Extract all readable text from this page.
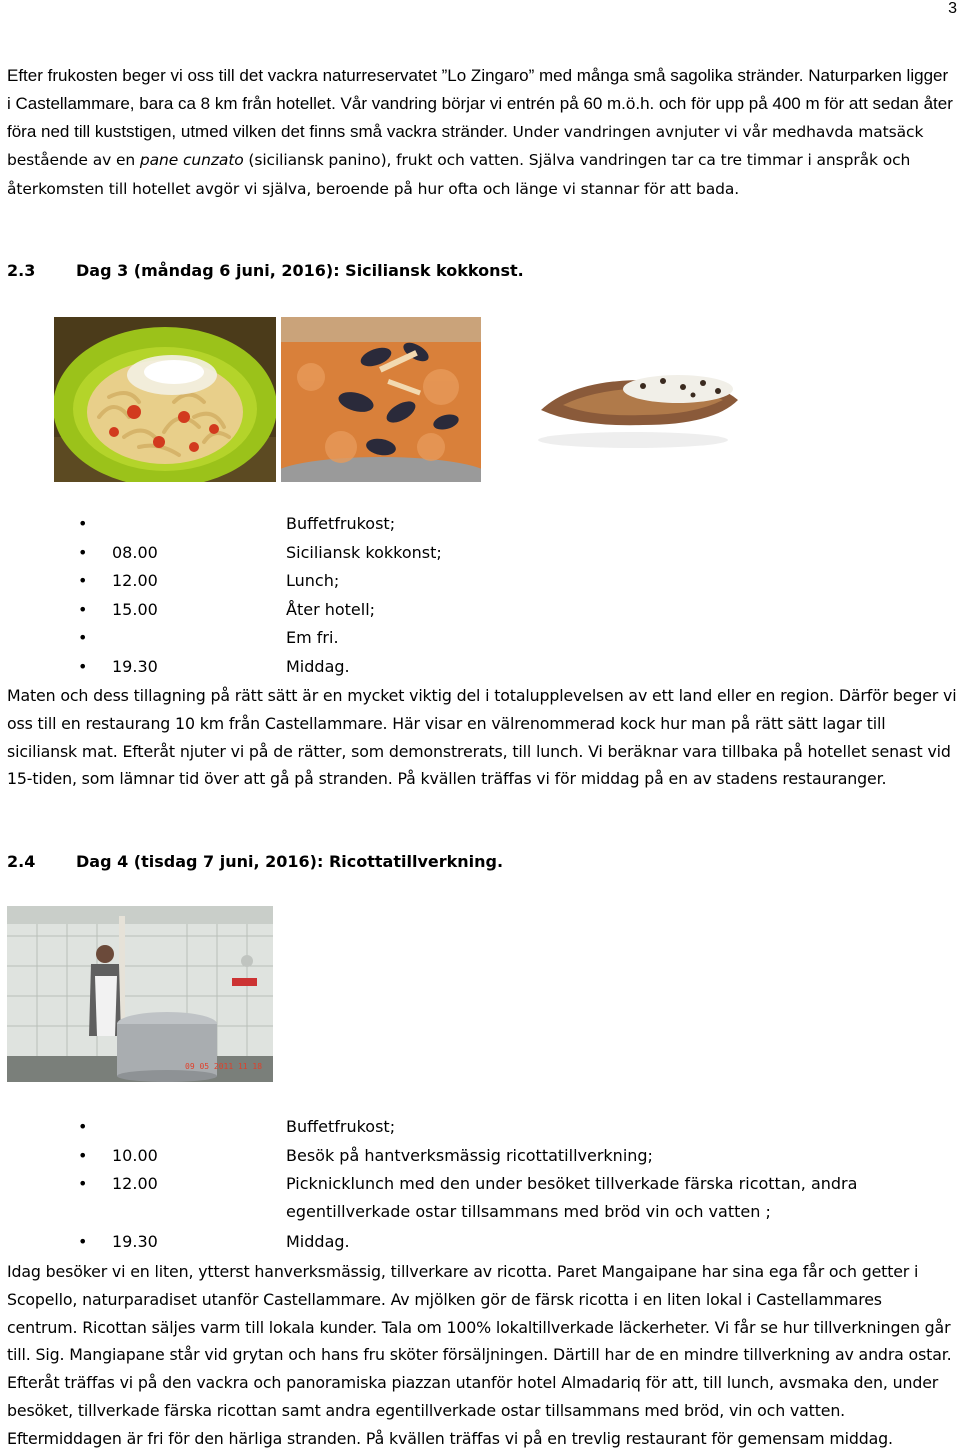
3
Efter frukosten beger vi oss till det vackra naturreservatet ”Lo Zingaro” med många små sagolika stränder. Naturparken ligger i Castellammare, bara ca 8 km från hotellet. Vår vandring börjar vi entrén på 60 m.ö.h. och för upp på 400 m för att sedan åter föra ned till kuststigen, utmed vilken det finns små vackra stränder. Under vandringen avnjuter vi vår medhavda matsäck bestående av en pane cunzato (siciliansk panino), frukt och vatten. Själva vandringen tar ca tre timmar i anspråk och återkomsten till hotellet avgör vi själva, beroende på hur ofta och länge vi stannar för att bada.
2.3	Dag 3 (måndag 6 juni, 2016): Siciliansk kokkonst.
•	Buffetfrukost;
• 08.00	Siciliansk kokkonst;
• 12.00	Lunch;
• 15.00	Åter hotell;
•	Em fri.
• 19.30	Middag.
Maten och dess tillagning på rätt sätt är en mycket viktig del i totalupplevelsen av ett land eller en region. Därför beger vi oss till en restaurang 10 km från Castellammare. Här visar en välrenommerad kock hur man på rätt sätt lagar till siciliansk mat. Efteråt njuter vi på de rätter, som demonstrerats, till lunch. Vi beräknar vara tillbaka på hotellet senast vid 15-tiden, som lämnar tid över att gå på stranden. På kvällen träffas vi för middag på en av stadens restauranger.
2.4	Dag 4 (tisdag 7 juni, 2016): Ricottatillverkning.
09 05 2011 11 18
•	Buffetfrukost;
• 10.00	Besök på hantverksmässig ricottatillverkning;
• 12.00	Picknicklunch med den under besöket tillverkade färska ricottan, andra egentillverkade ostar tillsammans med bröd vin och vatten ;
• 19.30	Middag.
Idag besöker vi en liten, ytterst hanverksmässig, tillverkare av ricotta. Paret Mangaipane har sina ega får och getter i Scopello, naturparadiset utanför Castellammare. Av mjölken gör de färsk ricotta i en liten lokal i Castellammares centrum. Ricottan säljes varm till lokala kunder. Tala om 100% lokaltillverkade läckerheter. Vi får se hur tillverkningen går till. Sig. Mangiapane står vid grytan och hans fru sköter försäljningen. Därtill har de en mindre tillverkning av andra ostar. Efteråt träffas vi på den vackra och panoramiska piazzan utanför hotel Almadariq för att, till lunch, avsmaka den, under besöket, tillverkade färska ricottan samt andra egentillverkade ostar tillsammans med bröd, vin och vatten. Eftermiddagen är fri för den härliga stranden. På kvällen träffas vi på en trevlig restaurant för gemensam middag.
